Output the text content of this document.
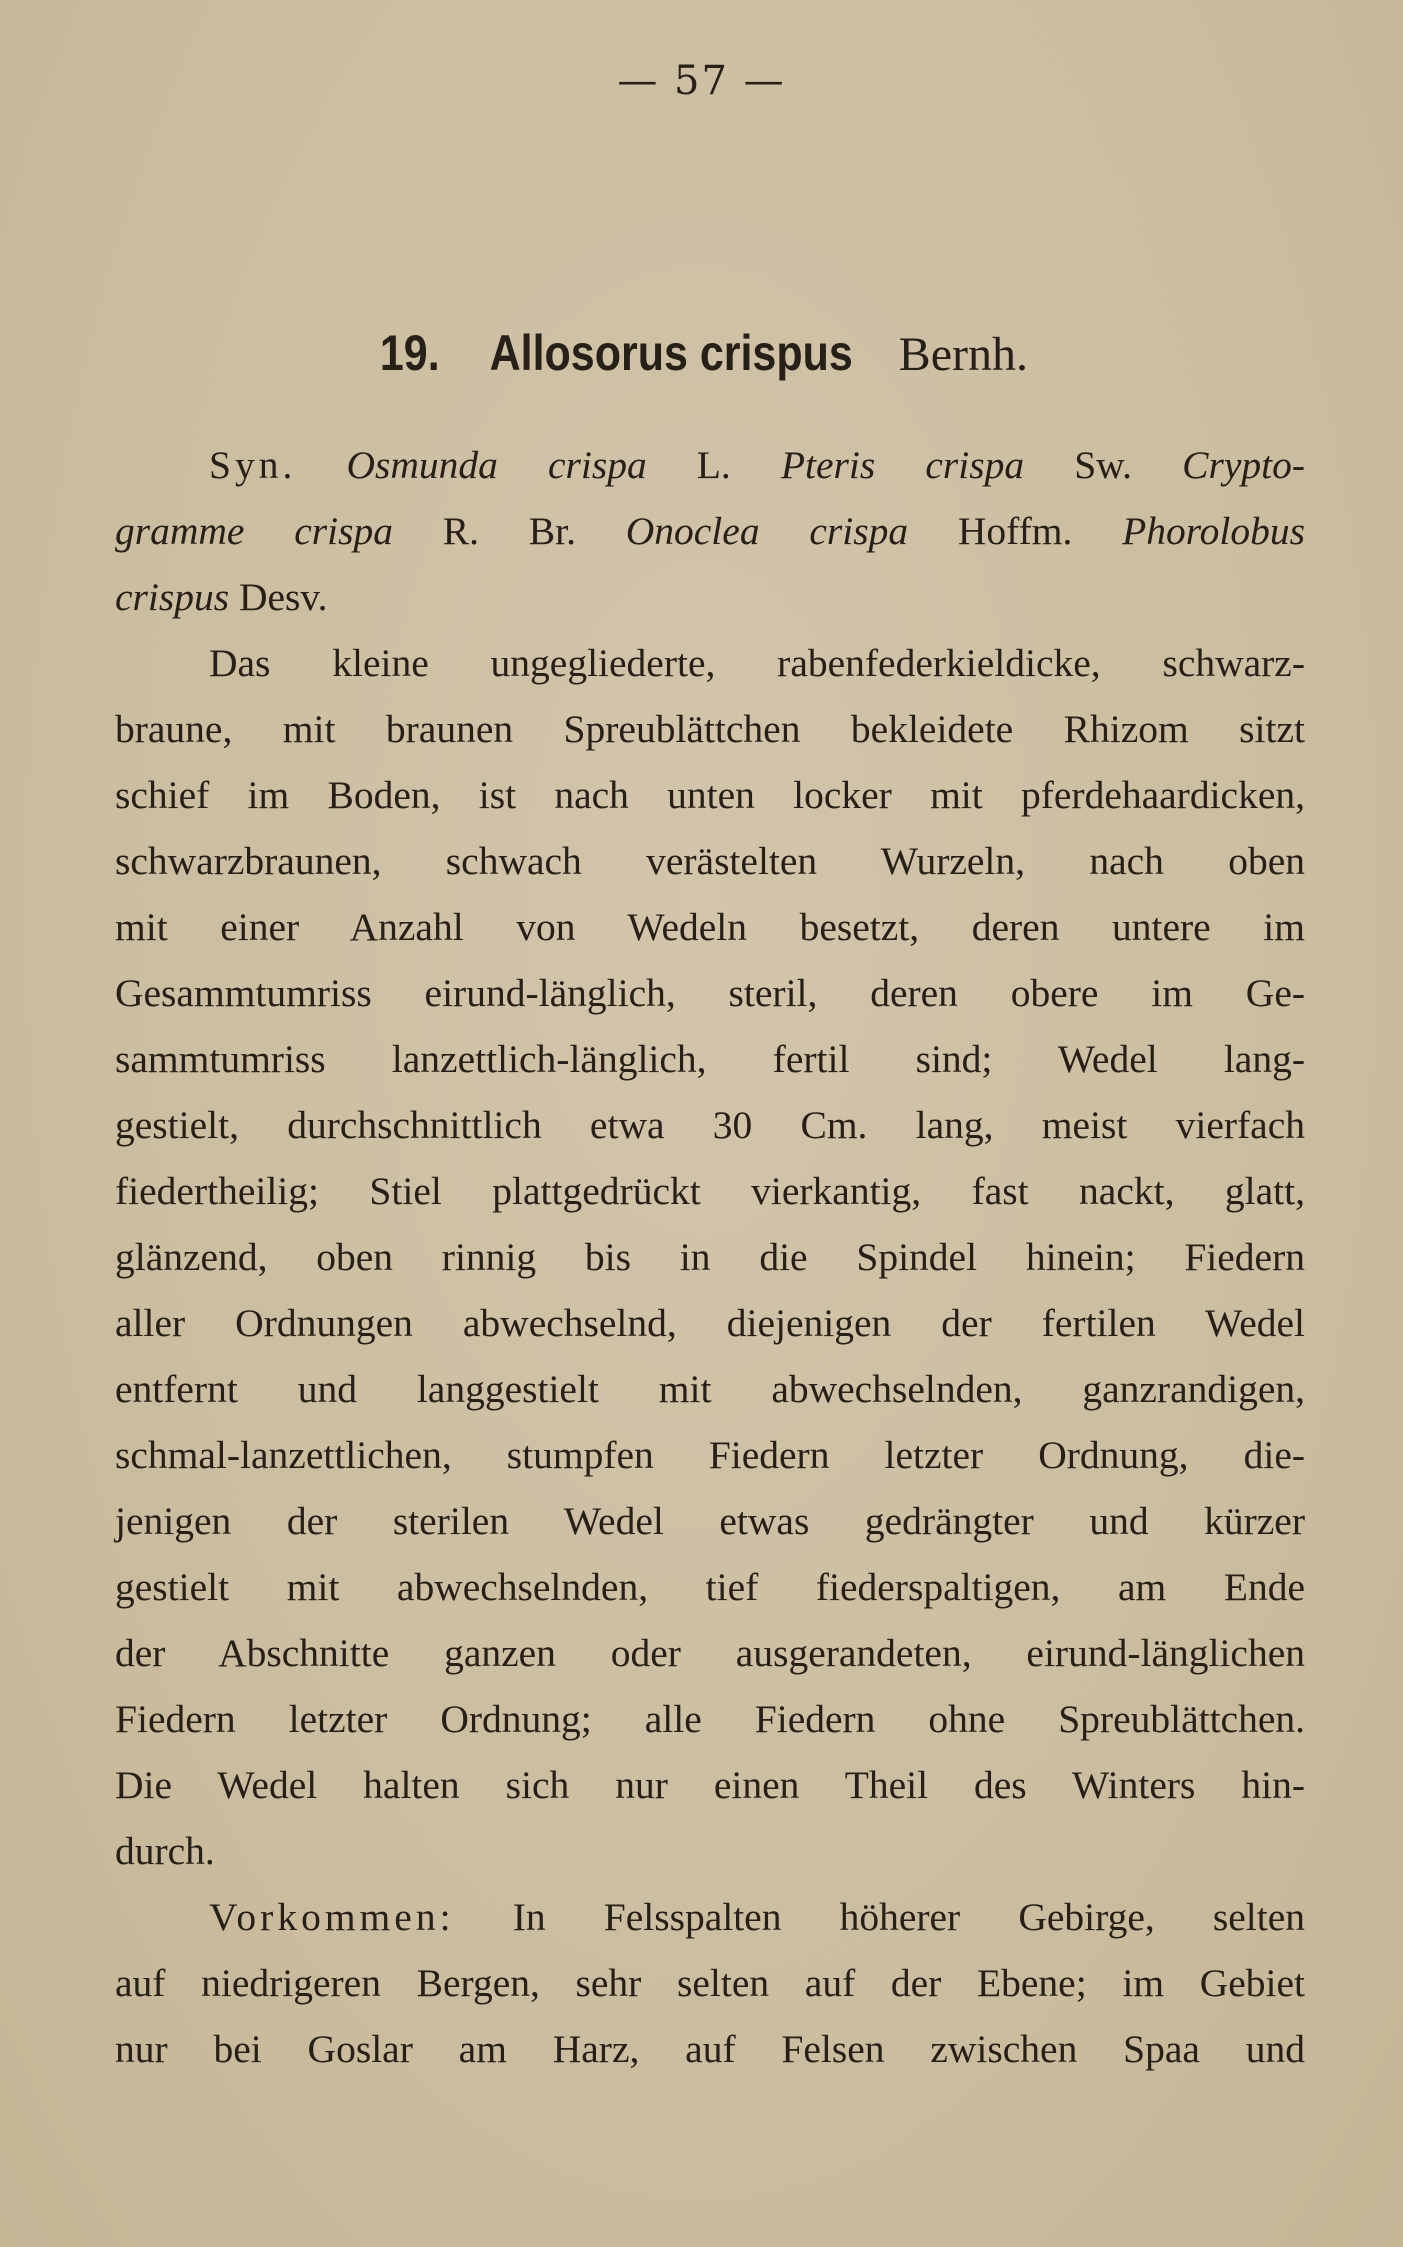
— 57 —
19. Allosorus crispus Bernh.
Syn. Osmunda crispa L. Pteris crispa Sw. Crypto-
gramme crispa R. Br. Onoclea crispa Hoffm. Phorolobus
crispus Desv.
Das kleine ungegliederte, rabenfederkieldicke, schwarz-
braune, mit braunen Spreublättchen bekleidete Rhizom sitzt
schief im Boden, ist nach unten locker mit pferdehaardicken,
schwarzbraunen, schwach verästelten Wurzeln, nach oben
mit einer Anzahl von Wedeln besetzt, deren untere im
Gesammtumriss eirund-länglich, steril, deren obere im Ge-
sammtumriss lanzettlich-länglich, fertil sind; Wedel lang-
gestielt, durchschnittlich etwa 30 Cm. lang, meist vierfach
fiedertheilig; Stiel plattgedrückt vierkantig, fast nackt, glatt,
glänzend, oben rinnig bis in die Spindel hinein; Fiedern
aller Ordnungen abwechselnd, diejenigen der fertilen Wedel
entfernt und langgestielt mit abwechselnden, ganzrandigen,
schmal-lanzettlichen, stumpfen Fiedern letzter Ordnung, die-
jenigen der sterilen Wedel etwas gedrängter und kürzer
gestielt mit abwechselnden, tief fiederspaltigen, am Ende
der Abschnitte ganzen oder ausgerandeten, eirund-länglichen
Fiedern letzter Ordnung; alle Fiedern ohne Spreublättchen.
Die Wedel halten sich nur einen Theil des Winters hin-
durch.
Vorkommen: In Felsspalten höherer Gebirge, selten
auf niedrigeren Bergen, sehr selten auf der Ebene; im Gebiet
nur bei Goslar am Harz, auf Felsen zwischen Spaa und
